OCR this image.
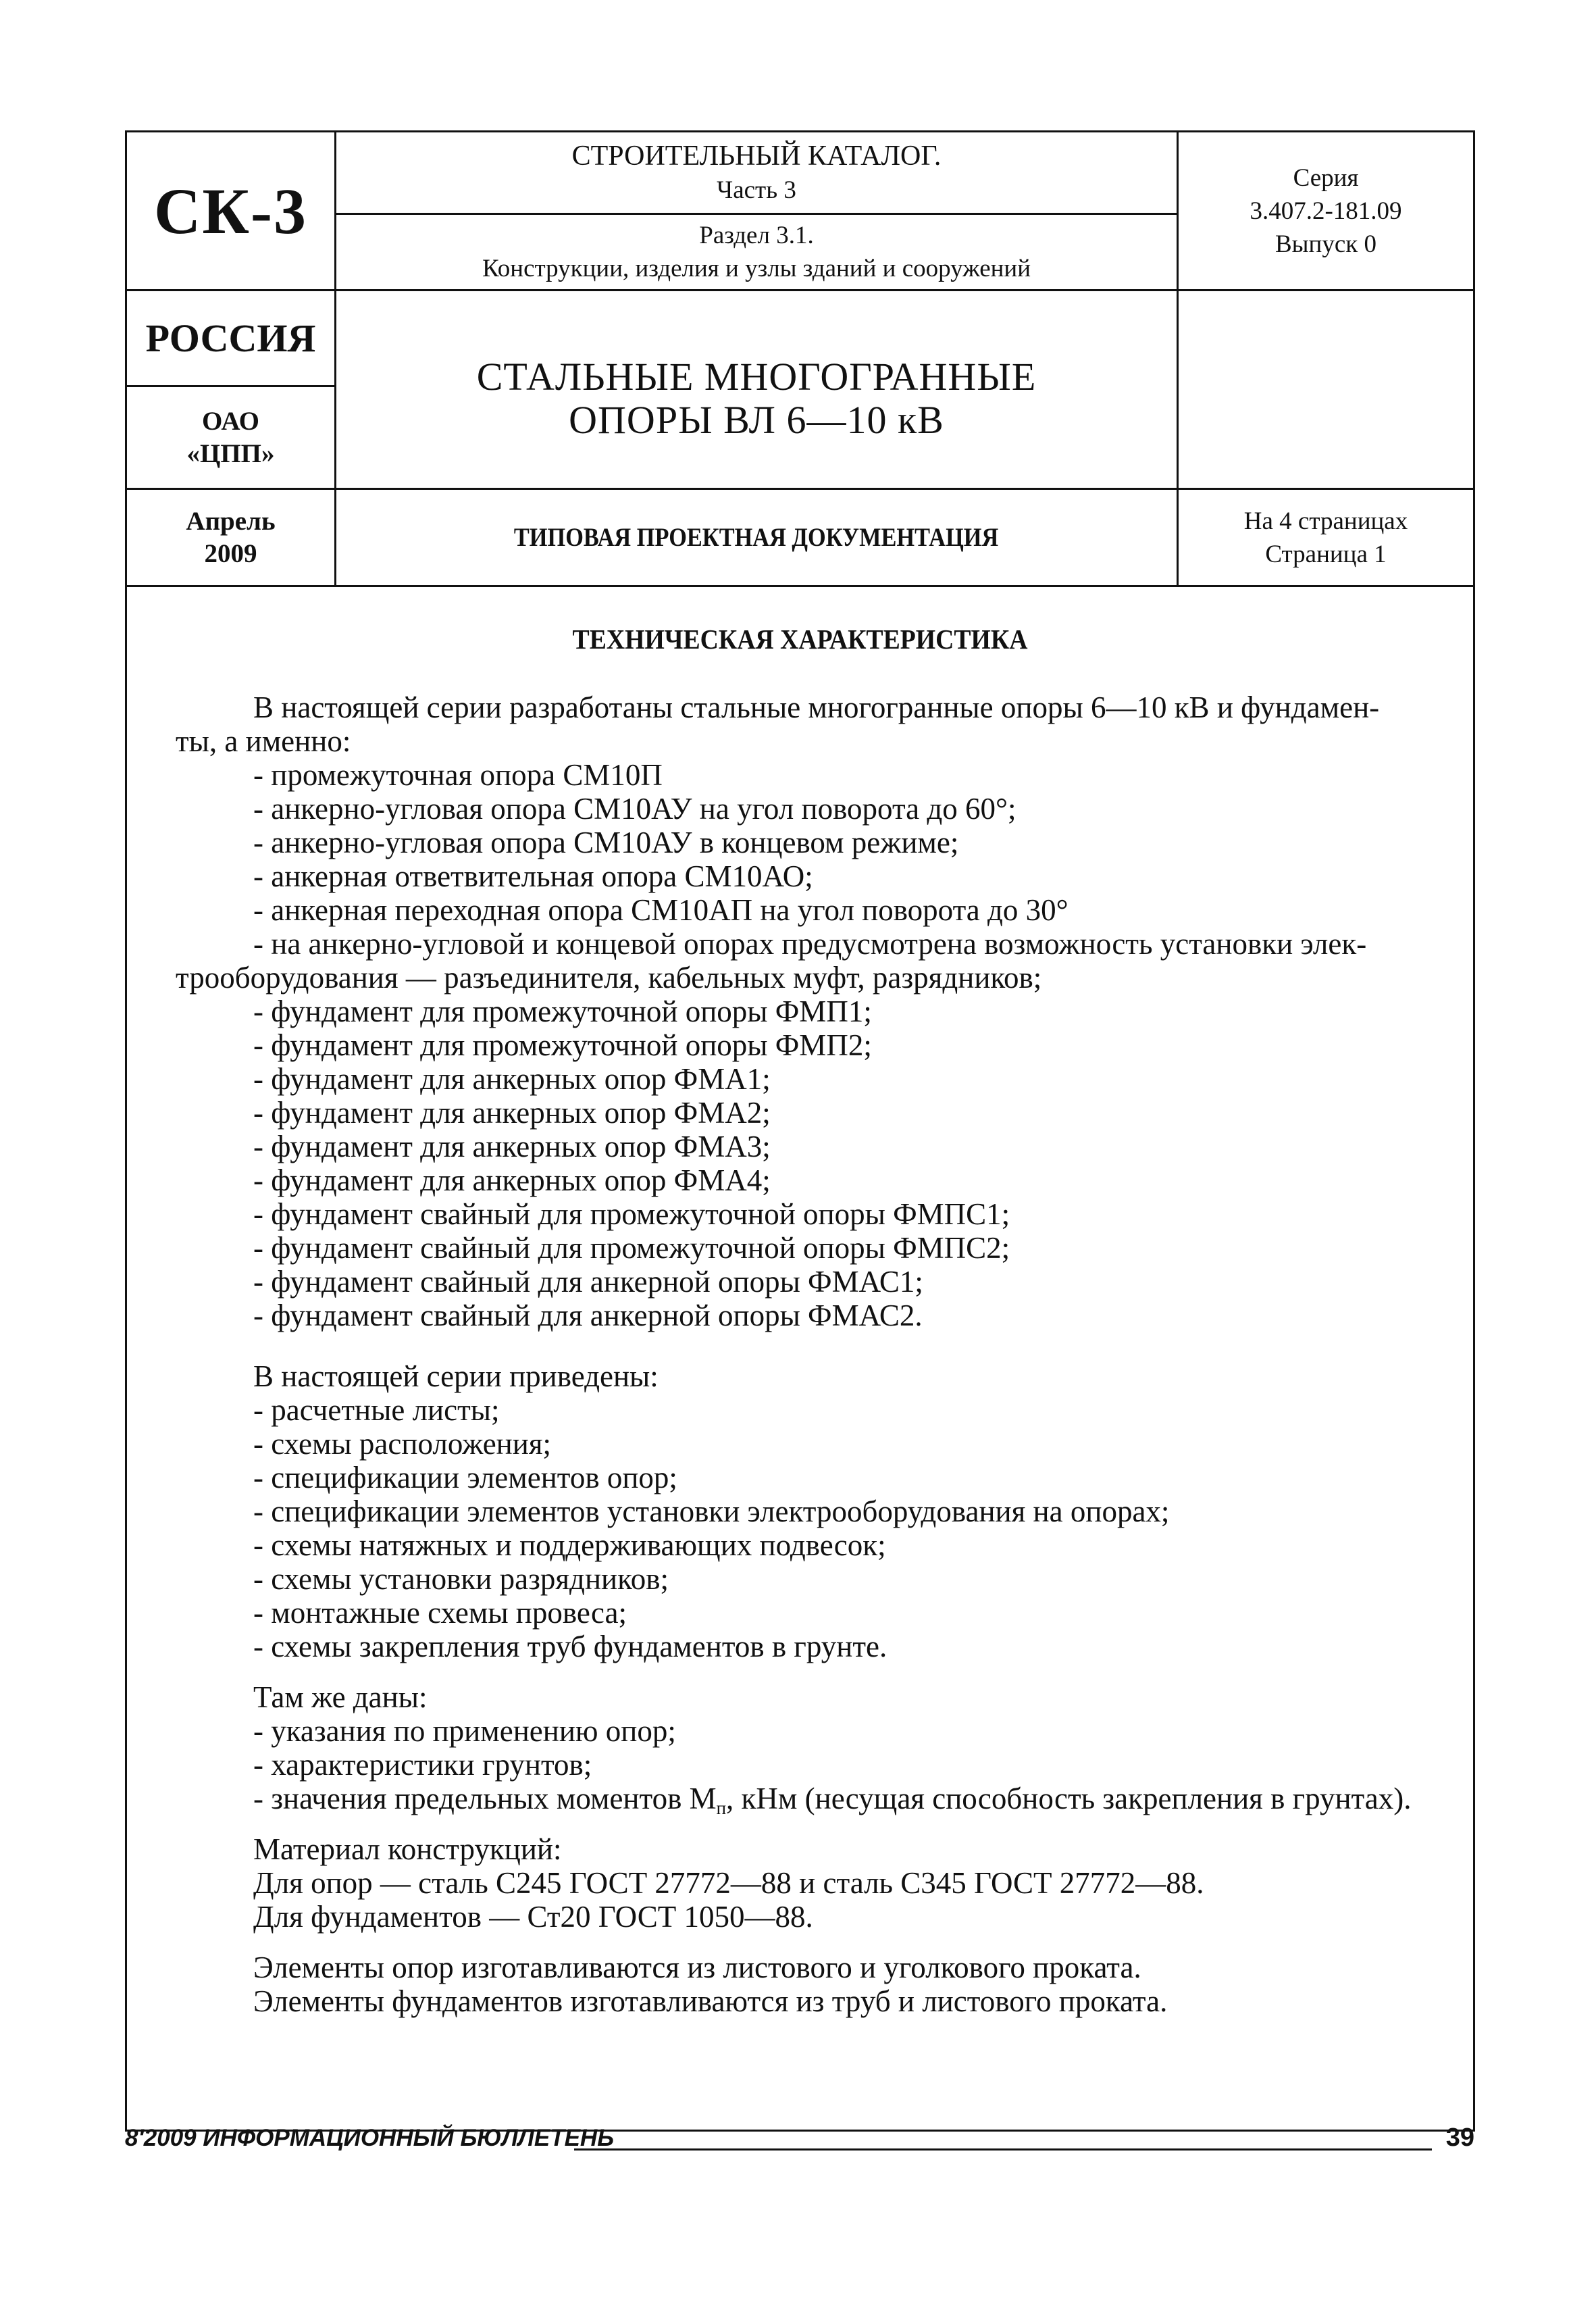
СК-3
СТРОИТЕЛЬНЫЙ КАТАЛОГ.
Часть 3
Раздел 3.1.
Конструкции, изделия и узлы зданий и сооружений
Серия
3.407.2-181.09
Выпуск 0
РОССИЯ
ОАО
«ЦПП»
СТАЛЬНЫЕ МНОГОГРАННЫЕ
ОПОРЫ ВЛ 6—10 кВ
Апрель
2009
ТИПОВАЯ ПРОЕКТНАЯ ДОКУМЕНТАЦИЯ
На 4 страницах
Страница 1
ТЕХНИЧЕСКАЯ ХАРАКТЕРИСТИКА
В настоящей серии разработаны стальные многогранные опоры 6—10 кВ и фундамен-
ты, а именно:
- промежуточная опора СМ10П
- анкерно-угловая опора СМ10АУ на угол поворота до 60°;
- анкерно-угловая опора СМ10АУ в концевом режиме;
- анкерная ответвительная опора СМ10АО;
- анкерная переходная опора СМ10АП на угол поворота до 30°
- на анкерно-угловой и концевой опорах предусмотрена возможность установки элек-
трооборудования — разъединителя, кабельных муфт, разрядников;
- фундамент для промежуточной опоры ФМП1;
- фундамент для промежуточной опоры ФМП2;
- фундамент для анкерных опор ФМА1;
- фундамент для анкерных опор ФМА2;
- фундамент для анкерных опор ФМА3;
- фундамент для анкерных опор ФМА4;
- фундамент свайный для промежуточной опоры ФМПС1;
- фундамент свайный для промежуточной опоры ФМПС2;
- фундамент свайный для анкерной опоры ФМАС1;
- фундамент свайный для анкерной опоры ФМАС2.
В настоящей серии приведены:
- расчетные листы;
- схемы расположения;
- спецификации элементов опор;
- спецификации элементов установки электрооборудования на опорах;
- схемы натяжных и поддерживающих подвесок;
- схемы установки разрядников;
- монтажные схемы провеса;
- схемы закрепления труб фундаментов в грунте.
Там же даны:
- указания по применению опор;
- характеристики грунтов;
- значения предельных моментов $М_п$, кНм (несущая способность закрепления в грунтах).
Материал конструкций:
Для опор — сталь С245 ГОСТ 27772—88 и сталь С345 ГОСТ 27772—88.
Для фундаментов — Ст20 ГОСТ 1050—88.
Элементы опор изготавливаются из листового и уголкового проката.
Элементы фундаментов изготавливаются из труб и листового проката.
8'2009 ИНФОРМАЦИОННЫЙ БЮЛЛЕТЕНЬ	39
